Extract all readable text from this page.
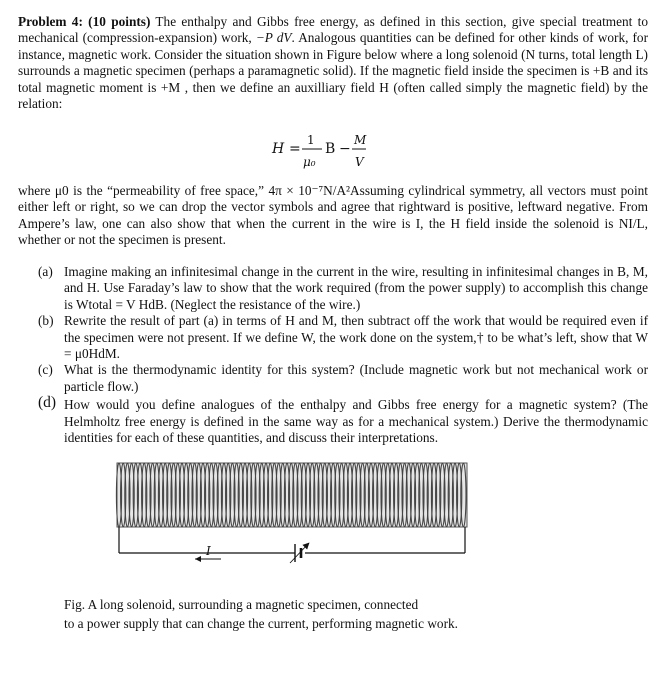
Problem 4: (10 points) The enthalpy and Gibbs free energy, as defined in this section, give special treatment to mechanical (compression-expansion) work, −P dV. Analogous quantities can be defined for other kinds of work, for instance, magnetic work. Consider the situation shown in Figure below where a long solenoid (N turns, total length L) surrounds a magnetic specimen (perhaps a paramagnetic solid). If the magnetic field inside the specimen is +B and its total magnetic moment is +M , then we define an auxilliary field H (often called simply the magnetic field) by the relation:
H =
1
μ₀
B −
M
V
where μ0 is the “permeability of free space,” 4π × 10⁻⁷N/A²Assuming cylindrical symmetry, all vectors must point either left or right, so we can drop the vector symbols and agree that rightward is positive, leftward negative. From Ampere’s law, one can also show that when the current in the wire is I, the H field inside the solenoid is NI/L, whether or not the specimen is present.
(a) Imagine making an infinitesimal change in the current in the wire, resulting in infinitesimal changes in B, M, and H. Use Faraday’s law to show that the work required (from the power supply) to accomplish this change is Wtotal = V HdB. (Neglect the resistance of the wire.)
(b) Rewrite the result of part (a) in terms of H and M, then subtract off the work that would be required even if the specimen were not present. If we define W, the work done on the system,† to be what’s left, show that W = μ0HdM.
(c) What is the thermodynamic identity for this system? (Include magnetic work but not mechanical work or particle flow.)
(d) How would you define analogues of the enthalpy and Gibbs free energy for a magnetic system? (The Helmholtz free energy is defined in the same way as for a mechanical system.) Derive the thermodynamic identities for each of these quantities, and discuss their interpretations.
I
Fig. A long solenoid, surrounding a magnetic specimen, connected
to a power supply that can change the current, performing magnetic work.
